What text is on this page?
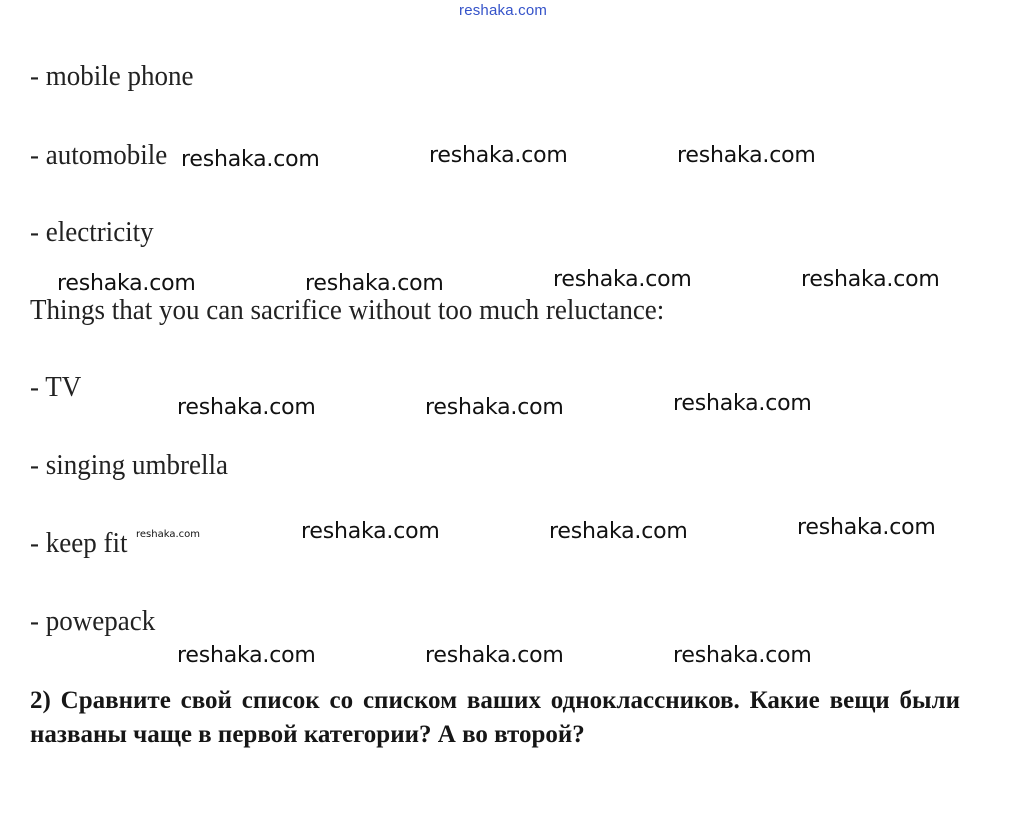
reshaka.com
- mobile phone
- automobile
- electricity
Things that you can sacrifice without too much reluctance:
- TV
- singing umbrella
- keep fit
- powepack
2) Сравните свой список со списком ваших одноклассников. Какие вещи были названы чаще в первой категории? А во второй?
reshaka.com	reshaka.com	reshaka.com
reshaka.com	reshaka.com	reshaka.com	reshaka.com
reshaka.com	reshaka.com	reshaka.com
reshaka.com	reshaka.com	reshaka.com	reshaka.com
reshaka.com	reshaka.com	reshaka.com
